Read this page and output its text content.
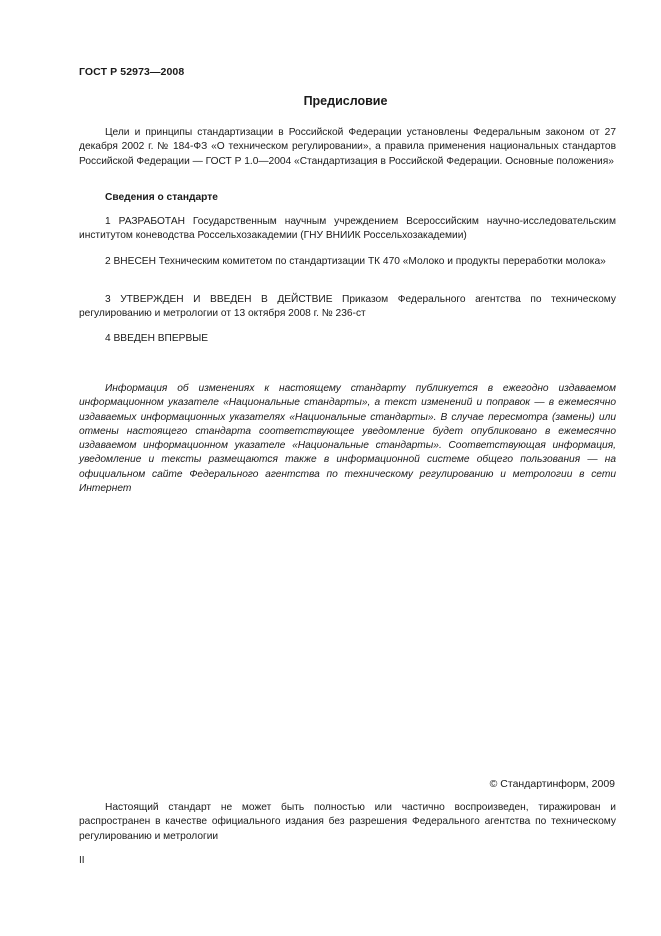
ГОСТ Р 52973—2008
Предисловие
Цели и принципы стандартизации в Российской Федерации установлены Федеральным законом от 27 декабря 2002 г. № 184-ФЗ «О техническом регулировании», а правила применения национальных стандартов Российской Федерации — ГОСТ Р 1.0—2004 «Стандартизация в Российской Федерации. Основные положения»
Сведения о стандарте
1 РАЗРАБОТАН Государственным научным учреждением Всероссийским научно-исследовательским институтом коневодства Россельхозакадемии (ГНУ ВНИИК Россельхозакадемии)
2 ВНЕСЕН Техническим комитетом по стандартизации ТК 470 «Молоко и продукты переработки молока»
3 УТВЕРЖДЕН И ВВЕДЕН В ДЕЙСТВИЕ Приказом Федерального агентства по техническому регулированию и метрологии от 13 октября 2008 г. № 236-ст
4 ВВЕДЕН ВПЕРВЫЕ
Информация об изменениях к настоящему стандарту публикуется в ежегодно издаваемом информационном указателе «Национальные стандарты», а текст изменений и поправок — в ежемесячно издаваемых информационных указателях «Национальные стандарты». В случае пересмотра (замены) или отмены настоящего стандарта соответствующее уведомление будет опубликовано в ежемесячно издаваемом информационном указателе «Национальные стандарты». Соответствующая информация, уведомление и тексты размещаются также в информационной системе общего пользования — на официальном сайте Федерального агентства по техническому регулированию и метрологии в сети Интернет
© Стандартинформ, 2009
Настоящий стандарт не может быть полностью или частично воспроизведен, тиражирован и распространен в качестве официального издания без разрешения Федерального агентства по техническому регулированию и метрологии
II
